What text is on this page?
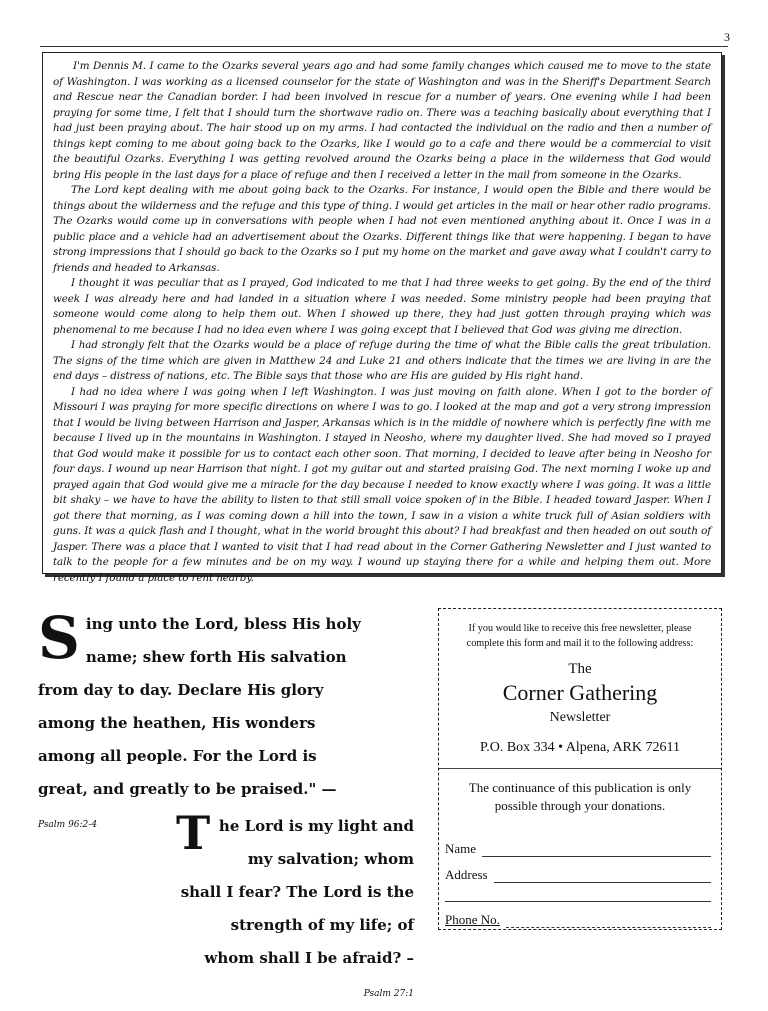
3

I'm Dennis M. I came to the Ozarks several years ago and had some family changes which caused me to move to the state of Washington. I was working as a licensed counselor for the state of Washington and was in the Sheriff's Department Search and Rescue near the Canadian border. I had been involved in rescue for a number of years. One evening while I had been praying for some time, I felt that I should turn the shortwave radio on. There was a teaching basically about everything that I had just been praying about. The hair stood up on my arms. I had contacted the individual on the radio and then a number of things kept coming to me about going back to the Ozarks, like I would go to a cafe and there would be a commercial to visit the beautiful Ozarks. Everything I was getting revolved around the Ozarks being a place in the wilderness that God would bring His people in the last days for a place of refuge and then I received a letter in the mail from someone in the Ozarks.

The Lord kept dealing with me about going back to the Ozarks. For instance, I would open the Bible and there would be things about the wilderness and the refuge and this type of thing. I would get articles in the mail or hear other radio programs. The Ozarks would come up in conversations with people when I had not even mentioned anything about it. Once I was in a public place and a vehicle had an advertisement about the Ozarks. Different things like that were happening. I began to have strong impressions that I should go back to the Ozarks so I put my home on the market and gave away what I couldn't carry to friends and headed to Arkansas.

I thought it was peculiar that as I prayed, God indicated to me that I had three weeks to get going. By the end of the third week I was already here and had landed in a situation where I was needed. Some ministry people had been praying that someone would come along to help them out. When I showed up there, they had just gotten through praying which was phenomenal to me because I had no idea even where I was going except that I believed that God was giving me direction.

I had strongly felt that the Ozarks would be a place of refuge during the time of what the Bible calls the great tribulation. The signs of the time which are given in Matthew 24 and Luke 21 and others indicate that the times we are living in are the end days – distress of nations, etc. The Bible says that those who are His are guided by His right hand.

I had no idea where I was going when I left Washington. I was just moving on faith alone. When I got to the border of Missouri I was praying for more specific directions on where I was to go. I looked at the map and got a very strong impression that I would be living between Harrison and Jasper, Arkansas which is in the middle of nowhere which is perfectly fine with me because I lived up in the mountains in Washington. I stayed in Neosho, where my daughter lived. She had moved so I prayed that God would make it possible for us to contact each other soon. That morning, I decided to leave after being in Neosho for four days. I wound up near Harrison that night. I got my guitar out and started praising God. The next morning I woke up and prayed again that God would give me a miracle for the day because I needed to know exactly where I was going. It was a little bit shaky – we have to have the ability to listen to that still small voice spoken of in the Bible. I headed toward Jasper. When I got there that morning, as I was coming down a hill into the town, I saw in a vision a white truck full of Asian soldiers with guns. It was a quick flash and I thought, what in the world brought this about? I had breakfast and then headed on out south of Jasper. There was a place that I wanted to visit that I had read about in the Corner Gathering Newsletter and I just wanted to talk to the people for a few minutes and be on my way. I wound up staying there for a while and helping them out. More recently I found a place to rent nearby.

S ing unto the Lord, bless His holy name; shew forth His salvation from day to day. Declare His glory among the heathen, His wonders among all people. For the Lord is great, and greatly to be praised." — Psalm 96:2-4	T he Lord is my light and my salvation; whom shall I fear? The Lord is the strength of my life; of whom shall I be afraid? – Psalm 27:1
If you would like to receive this free newsletter, please complete this form and mail it to the following address:
The
Corner Gathering
Newsletter
P.O. Box 334 • Alpena, ARK 72611
The continuance of this publication is only possible through your donations.
Name
Address
Phone No.
